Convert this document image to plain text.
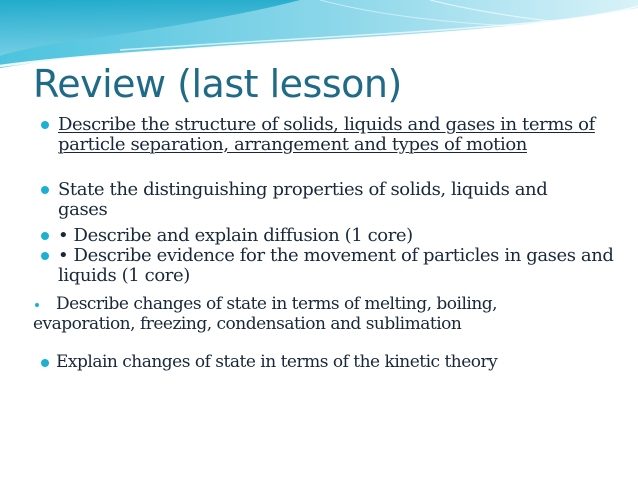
Review (last lesson)
Describe the structure of solids, liquids and gases in terms of particle separation, arrangement and types of motion
State the distinguishing properties of solids, liquids and gases
• Describe and explain diffusion (1 core)
• Describe evidence for the movement of particles in gases and liquids (1 core)
Describe changes of state in terms of melting, boiling, evaporation, freezing, condensation and sublimation
Explain changes of state in terms of the kinetic theory
